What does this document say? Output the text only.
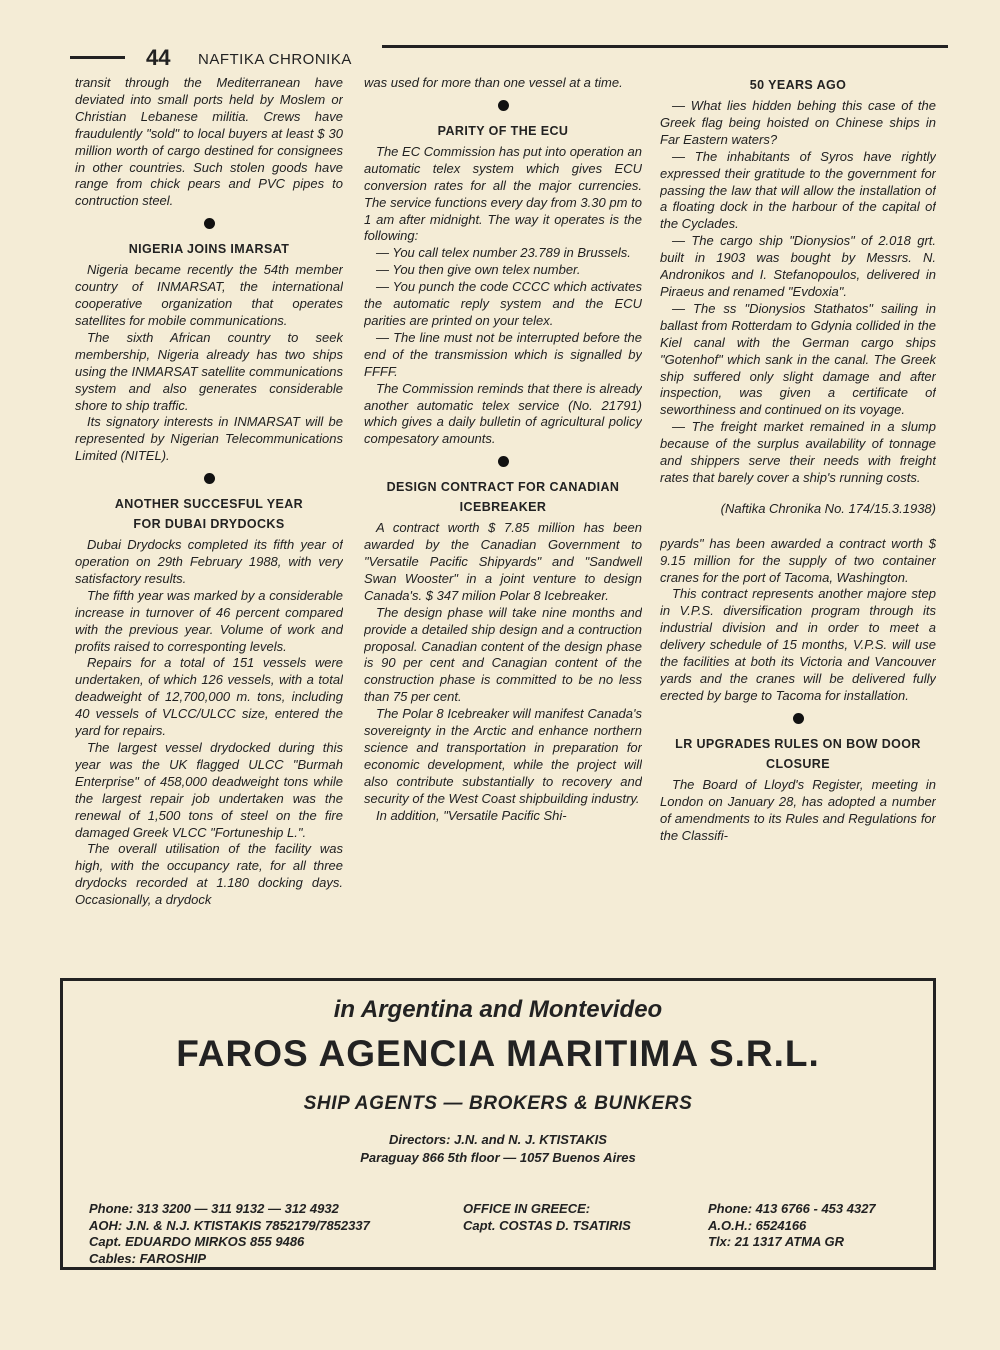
44 NAFTIKA CHRONIKA

transit through the Mediterranean have deviated into small ports held by Moslem or Christian Lebanese militia. Crews have fraudulently "sold" to local buyers at least $ 30 million worth of cargo destined for consignees in other countries. Such stolen goods have range from chick pears and PVC pipes to contruction steel.

NIGERIA JOINS IMARSAT

Nigeria became recently the 54th member country of INMARSAT, the international cooperative organization that operates satellites for mobile communications.

The sixth African country to seek membership, Nigeria already has two ships using the INMARSAT satellite communications system and also generates considerable shore to ship traffic.

Its signatory interests in INMARSAT will be represented by Nigerian Telecommunications Limited (NITEL).

ANOTHER SUCCESFUL YEAR
FOR DUBAI DRYDOCKS

Dubai Drydocks completed its fifth year of operation on 29th February 1988, with very satisfactory results.

The fifth year was marked by a considerable increase in turnover of 46 percent compared with the previous year. Volume of work and profits raised to corresponting levels.

Repairs for a total of 151 vessels were undertaken, of which 126 vessels, with a total deadweight of 12,700,000 m. tons, including 40 vessels of VLCC/ULCC size, entered the yard for repairs.

The largest vessel drydocked during this year was the UK flagged ULCC "Burmah Enterprise" of 458,000 deadweight tons while the largest repair job undertaken was the renewal of 1,500 tons of steel on the fire damaged Greek VLCC "Fortuneship L.".

The overall utilisation of the facility was high, with the occupancy rate, for all three drydocks recorded at 1.180 docking days. Occasionally, a drydock

was used for more than one vessel at a time.

PARITY OF THE ECU

The EC Commission has put into operation an automatic telex system which gives ECU conversion rates for all the major currencies. The service functions every day from 3.30 pm to 1 am after midnight. The way it operates is the following:

— You call telex number 23.789 in Brussels.

— You then give own telex number.

— You punch the code CCCC which activates the automatic reply system and the ECU parities are printed on your telex.

— The line must not be interrupted before the end of the transmission which is signalled by FFFF.

The Commission reminds that there is already another automatic telex service (No. 21791) which gives a daily bulletin of agricultural policy compesatory amounts.

DESIGN CONTRACT FOR CANADIAN
ICEBREAKER

A contract worth $ 7.85 million has been awarded by the Canadian Government to "Versatile Pacific Shipyards" and "Sandwell Swan Wooster" in a joint venture to design Canada's. $ 347 milion Polar 8 Icebreaker.

The design phase will take nine months and provide a detailed ship design and a contruction proposal. Canadian content of the design phase is 90 per cent and Canagian content of the construction phase is committed to be no less than 75 per cent.

The Polar 8 Icebreaker will manifest Canada's sovereignty in the Arctic and enhance northern science and transportation in preparation for economic development, while the project will also contribute substantially to recovery and security of the West Coast shipbuilding industry.

In addition, "Versatile Pacific Shi-

50 YEARS AGO

— What lies hidden behing this case of the Greek flag being hoisted on Chinese ships in Far Eastern waters?

— The inhabitants of Syros have rightly expressed their gratitude to the government for passing the law that will allow the installation of a floating dock in the harbour of the capital of the Cyclades.

— The cargo ship "Dionysios" of 2.018 grt. built in 1903 was bought by Messrs. N. Andronikos and I. Stefanopoulos, delivered in Piraeus and renamed "Evdoxia".

— The ss "Dionysios Stathatos" sailing in ballast from Rotterdam to Gdynia collided in the Kiel canal with the German cargo ships "Gotenhof" which sank in the canal. The Greek ship suffered only slight damage and after inspection, was given a certificate of seworthiness and continued on its voyage.

— The freight market remained in a slump because of the surplus availability of tonnage and shippers serve their needs with freight rates that barely cover a ship's running costs.

(Naftika Chronika No. 174/15.3.1938)

pyards" has been awarded a contract worth $ 9.15 million for the supply of two container cranes for the port of Tacoma, Washington.

This contract represents another majore step in V.P.S. diversification program through its industrial division and in order to meet a delivery schedule of 15 months, V.P.S. will use the facilities at both its Victoria and Vancouver yards and the cranes will be delivered fully erected by barge to Tacoma for installation.

LR UPGRADES RULES ON BOW DOOR
CLOSURE

The Board of Lloyd's Register, meeting in London on January 28, has adopted a number of amendments to its Rules and Regulations for the Classifi-

in Argentina and Montevideo
FAROS AGENCIA MARITIMA S.R.L.
SHIP AGENTS — BROKERS & BUNKERS
Directors: J.N. and N. J. KTISTAKIS
Paraguay 866 5th floor — 1057 Buenos Aires
Phone: 313 3200 — 311 9132 — 312 4932
AOH: J.N. & N.J. KTISTAKIS 7852179/7852337
Capt. EDUARDO MIRKOS 855 9486
Cables: FAROSHIP
OFFICE IN GREECE:
Capt. COSTAS D. TSATIRIS
Phone: 413 6766 - 453 4327
A.O.H.: 6524166
Tlx: 21 1317 ATMA GR
